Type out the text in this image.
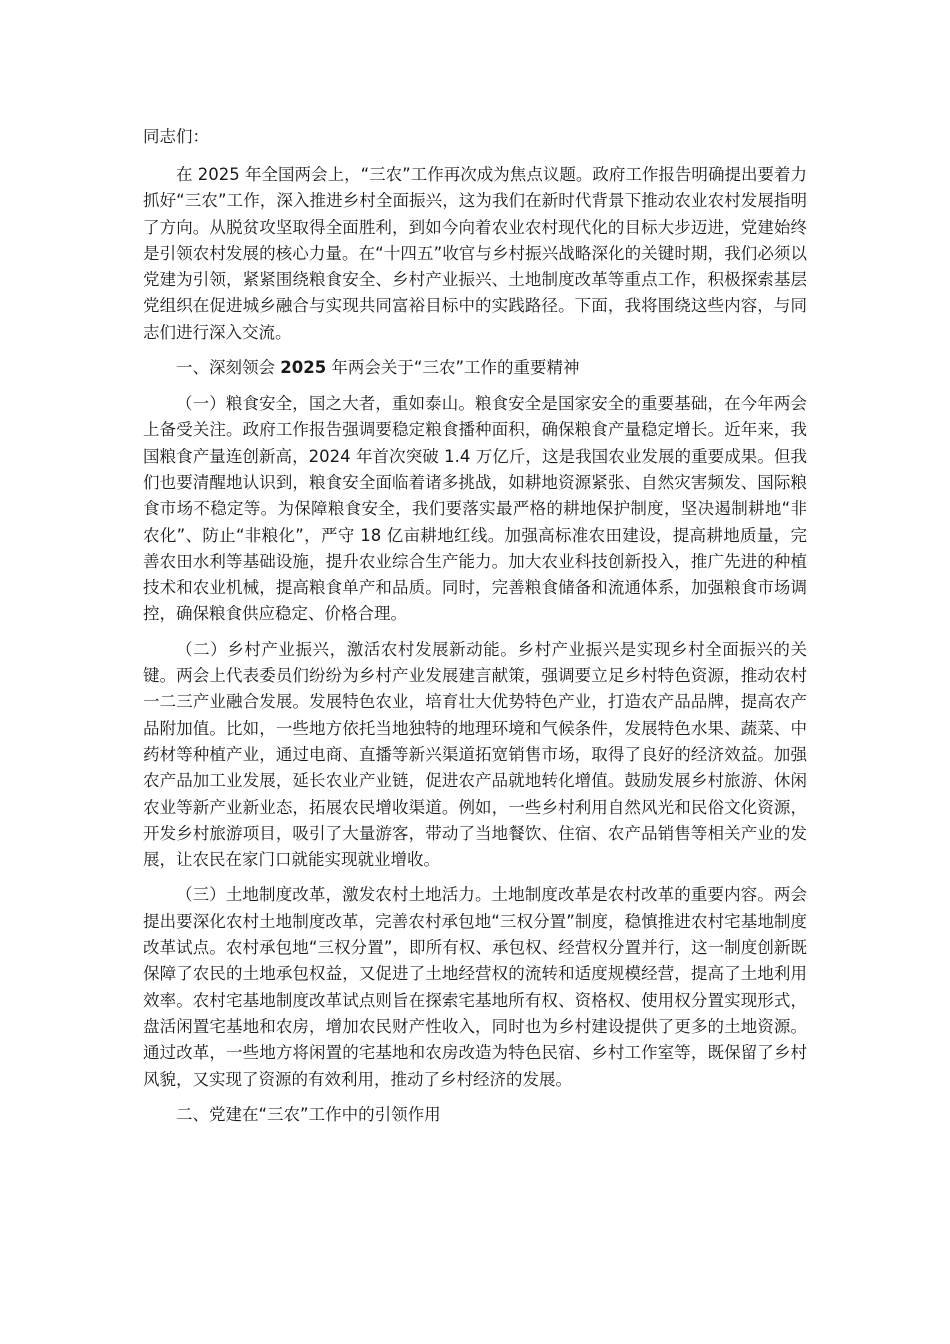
同志们：

在 2025 年全国两会上，“三农”工作再次成为焦点议题。政府工作报告明确提出要着力抓好“三农”工作，深入推进乡村全面振兴，这为我们在新时代背景下推动农业农村发展指明了方向。从脱贫攻坚取得全面胜利，到如今向着农业农村现代化的目标大步迈进，党建始终是引领农村发展的核心力量。在“十四五”收官与乡村振兴战略深化的关键时期，我们必须以党建为引领，紧紧围绕粮食安全、乡村产业振兴、土地制度改革等重点工作，积极探索基层党组织在促进城乡融合与实现共同富裕目标中的实践路径。下面，我将围绕这些内容，与同志们进行深入交流。

一、深刻领会 2025 年两会关于“三农”工作的重要精神

（一）粮食安全，国之大者，重如泰山。粮食安全是国家安全的重要基础，在今年两会上备受关注。政府工作报告强调要稳定粮食播种面积，确保粮食产量稳定增长。近年来，我国粮食产量连创新高，2024 年首次突破 1.4 万亿斤，这是我国农业发展的重要成果。但我们也要清醒地认识到，粮食安全面临着诸多挑战，如耕地资源紧张、自然灾害频发、国际粮食市场不稳定等。为保障粮食安全，我们要落实最严格的耕地保护制度，坚决遏制耕地“非农化”、防止“非粮化”，严守 18 亿亩耕地红线。加强高标准农田建设，提高耕地质量，完善农田水利等基础设施，提升农业综合生产能力。加大农业科技创新投入，推广先进的种植技术和农业机械，提高粮食单产和品质。同时，完善粮食储备和流通体系，加强粮食市场调控，确保粮食供应稳定、价格合理。

（二）乡村产业振兴，激活农村发展新动能。乡村产业振兴是实现乡村全面振兴的关键。两会上代表委员们纷纷为乡村产业发展建言献策，强调要立足乡村特色资源，推动农村一二三产业融合发展。发展特色农业，培育壮大优势特色产业，打造农产品品牌，提高农产品附加值。比如，一些地方依托当地独特的地理环境和气候条件，发展特色水果、蔬菜、中药材等种植产业，通过电商、直播等新兴渠道拓宽销售市场，取得了良好的经济效益。加强农产品加工业发展，延长农业产业链，促进农产品就地转化增值。鼓励发展乡村旅游、休闲农业等新产业新业态，拓展农民增收渠道。例如，一些乡村利用自然风光和民俗文化资源，开发乡村旅游项目，吸引了大量游客，带动了当地餐饮、住宿、农产品销售等相关产业的发展，让农民在家门口就能实现就业增收。

（三）土地制度改革，激发农村土地活力。土地制度改革是农村改革的重要内容。两会提出要深化农村土地制度改革，完善农村承包地“三权分置”制度，稳慎推进农村宅基地制度改革试点。农村承包地“三权分置”，即所有权、承包权、经营权分置并行，这一制度创新既保障了农民的土地承包权益，又促进了土地经营权的流转和适度规模经营，提高了土地利用效率。农村宅基地制度改革试点则旨在探索宅基地所有权、资格权、使用权分置实现形式，盘活闲置宅基地和农房，增加农民财产性收入，同时也为乡村建设提供了更多的土地资源。通过改革，一些地方将闲置的宅基地和农房改造为特色民宿、乡村工作室等，既保留了乡村风貌，又实现了资源的有效利用，推动了乡村经济的发展。

二、党建在“三农”工作中的引领作用
